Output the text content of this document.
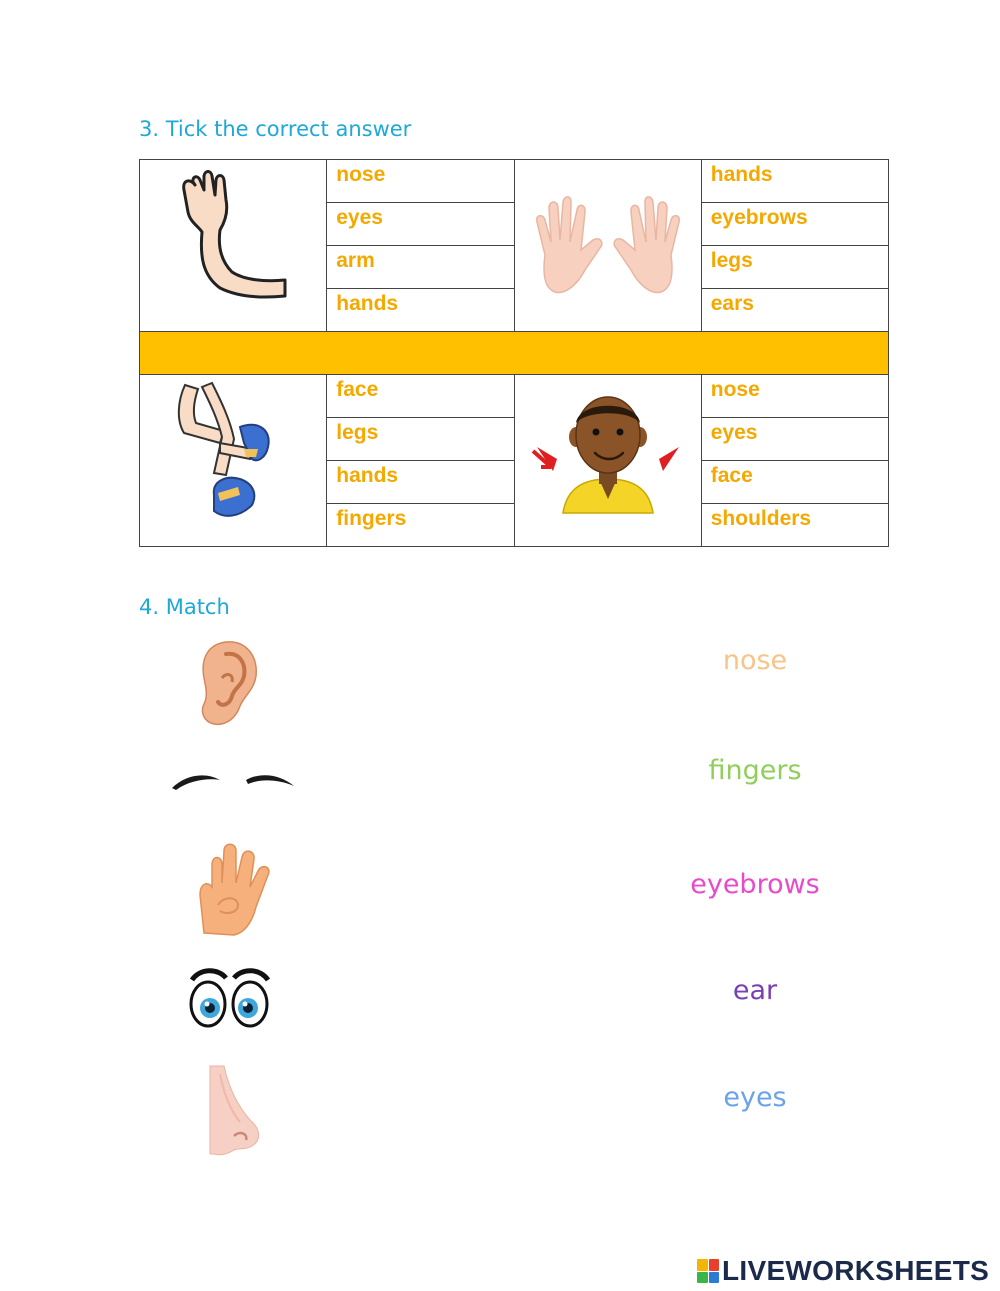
3. Tick the correct answer

nose		hands

	eyes		eyebrows

	arm		legs

	hands		ears

face		nose

	legs		eyes

	hands		face

	fingers		shoulders
4. Match
nose
fingers
eyebrows
ear
eyes
LIVEWORKSHEETS
